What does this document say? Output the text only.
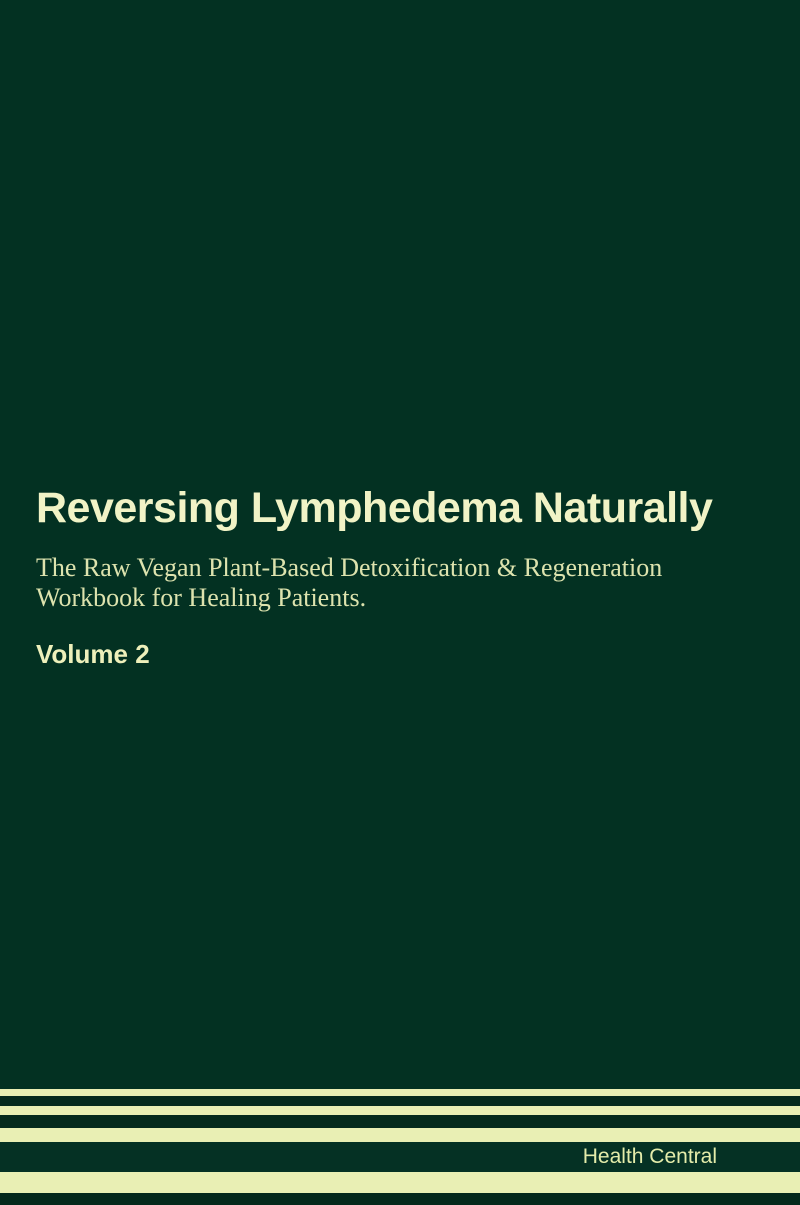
Reversing Lymphedema Naturally

The Raw Vegan Plant-Based Detoxification & Regeneration Workbook for Healing Patients.

Volume 2

Health Central
